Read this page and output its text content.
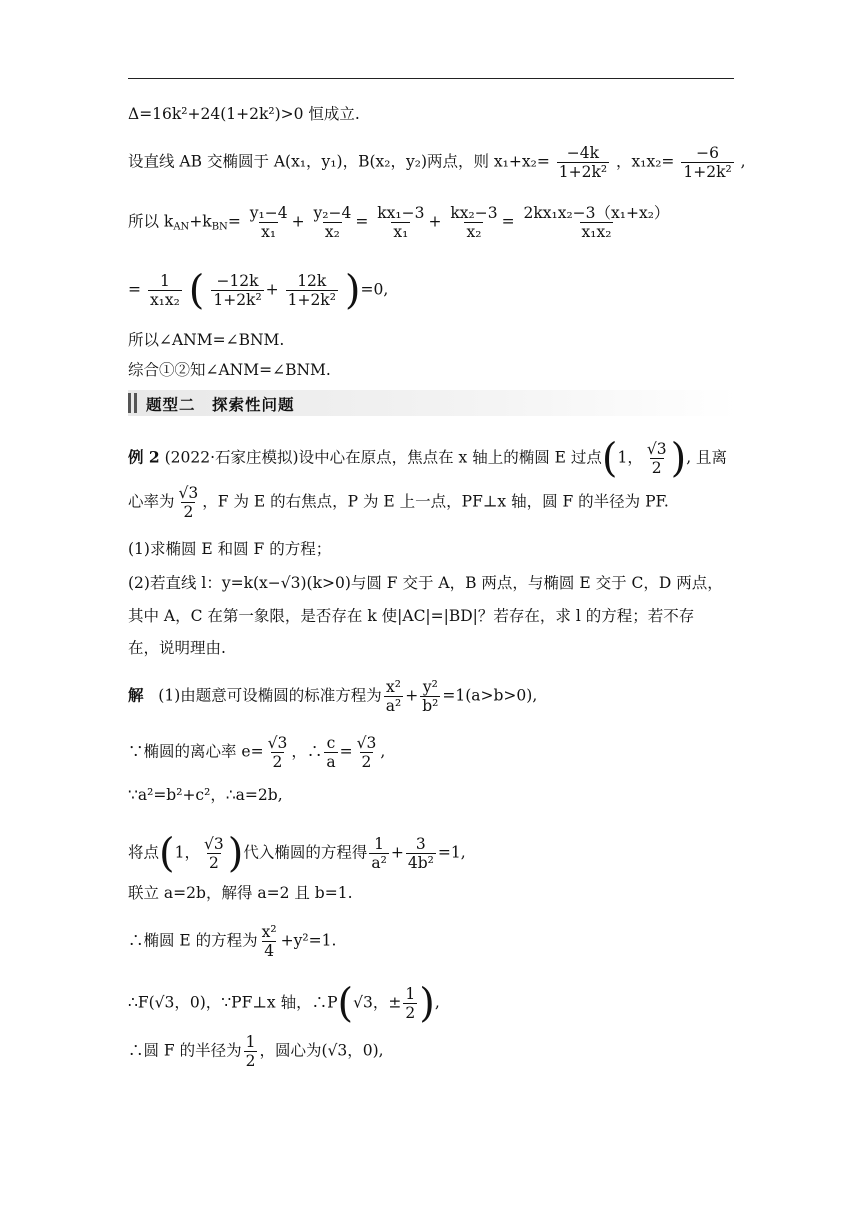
Δ=16k²+24(1+2k²)>0 恒成立.
设直线 AB 交椭圆于 A(x₁，y₁)，B(x₂，y₂)两点，则 $x_1+x_2= \frac{-4k}{\text{1+2k²}}$ ，$x_1x_2= \frac{-6}{\text{1+2k²}}$ ,
所以 $k_{AN}+k_{BN}= \frac{\text{y₁−4}}{\text{x₁}} + \frac{\text{y₂−4}}{\text{x₂}} = \frac{\text{kx₁−3}}{\text{x₁}} + \frac{\text{kx₂−3}}{\text{x₂}} = \frac{\text{2kx₁x₂−3（x₁+x₂）}}{\text{x₁x₂}}$
= $\frac{1}{\text{x₁x₂}}$ ( $\frac{-12k}{\text{1+2k²}} + \frac{12k}{\text{1+2k²}} )=0$,
所以∠ANM=∠BNM.
综合①②知∠ANM=∠BNM.
题型二　探索性问题
例 2 (2022·石家庄模拟)设中心在原点，焦点在 x 轴上的椭圆 E 过点(1， $\frac{√3}{2}$ ), 且离
心率为 $\frac{√3}{2}$ ，F 为 E 的右焦点，P 为 E 上一点，PF⊥x 轴，圆 F 的半径为 PF.
(1)求椭圆 E 和圆 F 的方程；
(2)若直线 l：y=k(x−√3)(k>0)与圆 F 交于 A，B 两点，与椭圆 E 交于 C，D 两点，
其中 A，C 在第一象限，是否存在 k 使|AC|=|BD|？若存在，求 l 的方程；若不存
在，说明理由.
解 (1)由题意可设椭圆的标准方程为 $\frac{\text{x²}}{\text{a²}} + \frac{\text{y²}}{\text{b²}} =1(a>b>0)$,
∵椭圆的离心率 $e= \frac{√3}{2}$ ，∴ $\frac{c}{a} = \frac{√3}{2}$ ,
∵a²=b²+c²，∴a=2b,
将点(1， $\frac{√3}{2}$ )代入椭圆的方程得 $\frac{1}{\text{a²}} + \frac{3}{\text{4b²}} =1$,
联立 a=2b，解得 a=2 且 b=1.
∴椭圆 E 的方程为 $\frac{\text{x²}}{4} +y^2=1$.
∴F(√3，0)，∵PF⊥x 轴，∴P(√3，± $\frac{1}{2}$ ),
∴圆 F 的半径为 $\frac{1}{2}$ ，圆心为(√3，0),
